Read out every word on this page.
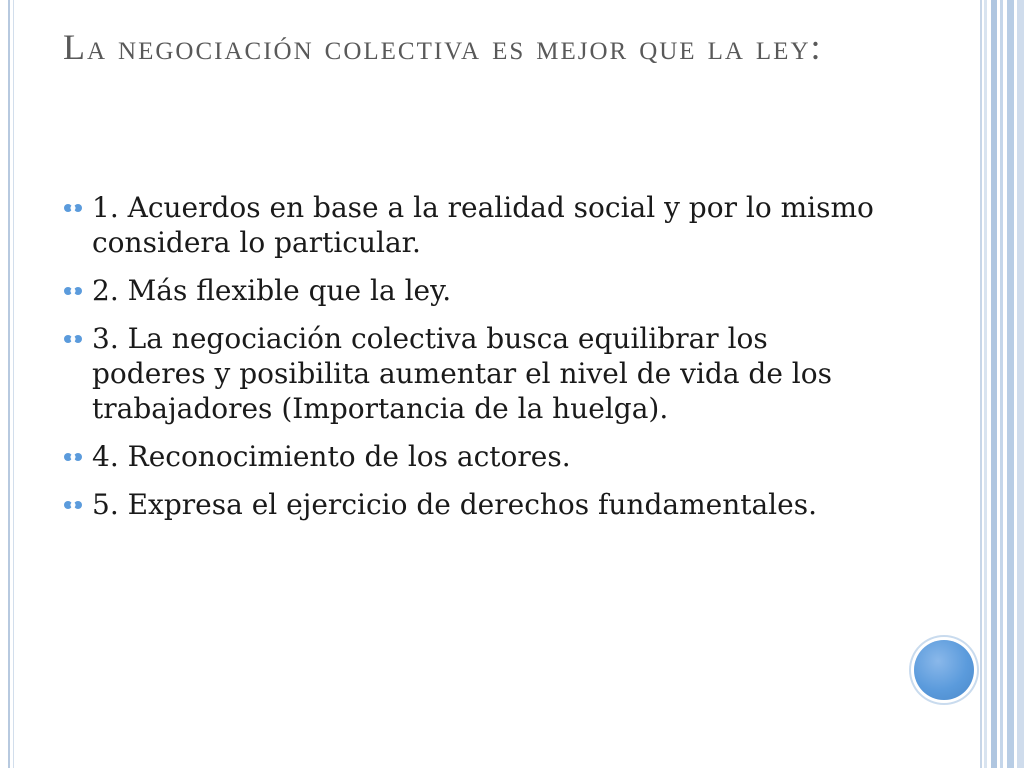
La negociación colectiva es mejor que la ley:
1. Acuerdos en base a la realidad social y por lo mismo considera lo particular.
2. Más flexible que la ley.
3. La negociación colectiva busca equilibrar los poderes y posibilita aumentar el nivel de vida de los trabajadores (Importancia de la huelga).
4. Reconocimiento de los actores.
5. Expresa el ejercicio de derechos fundamentales.
